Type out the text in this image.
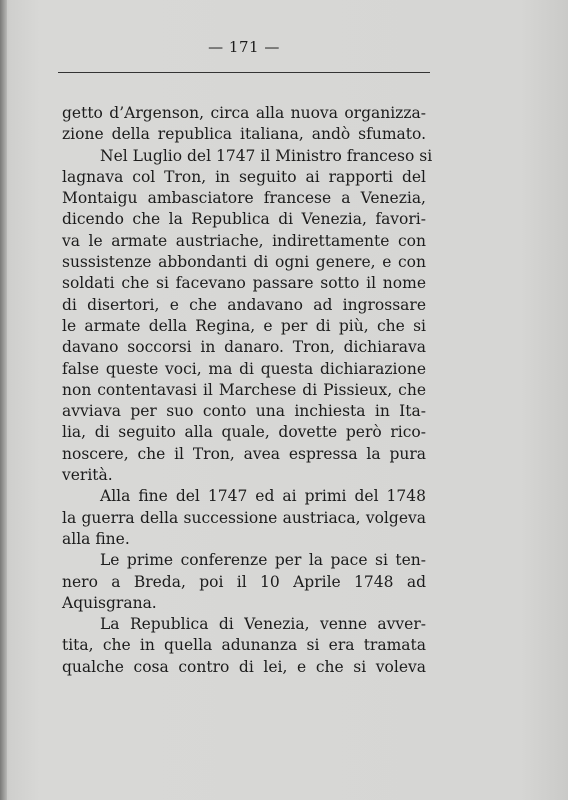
— 171 —
getto d’Argenson, circa alla nuova organizza-
zione della republica italiana, andò sfumato.
Nel Luglio del 1747 il Ministro franceso si
lagnava col Tron, in seguito ai rapporti del
Montaigu ambasciatore francese a Venezia,
dicendo che la Republica di Venezia, favori-
va le armate austriache, indirettamente con
sussistenze abbondanti di ogni genere, e con
soldati che si facevano passare sotto il nome
di disertori, e che andavano ad ingrossare
le armate della Regina, e per di più, che si
davano soccorsi in danaro. Tron, dichiarava
false queste voci, ma di questa dichiarazione
non contentavasi il Marchese di Pissieux, che
avviava per suo conto una inchiesta in Ita-
lia, di seguito alla quale, dovette però rico-
noscere, che il Tron, avea espressa la pura
verità.
Alla fine del 1747 ed ai primi del 1748
la guerra della successione austriaca, volgeva
alla fine.
Le prime conferenze per la pace si ten-
nero a Breda, poi il 10 Aprile 1748 ad
Aquisgrana.
La Republica di Venezia, venne avver-
tita, che in quella adunanza si era tramata
qualche cosa contro di lei, e che si voleva
